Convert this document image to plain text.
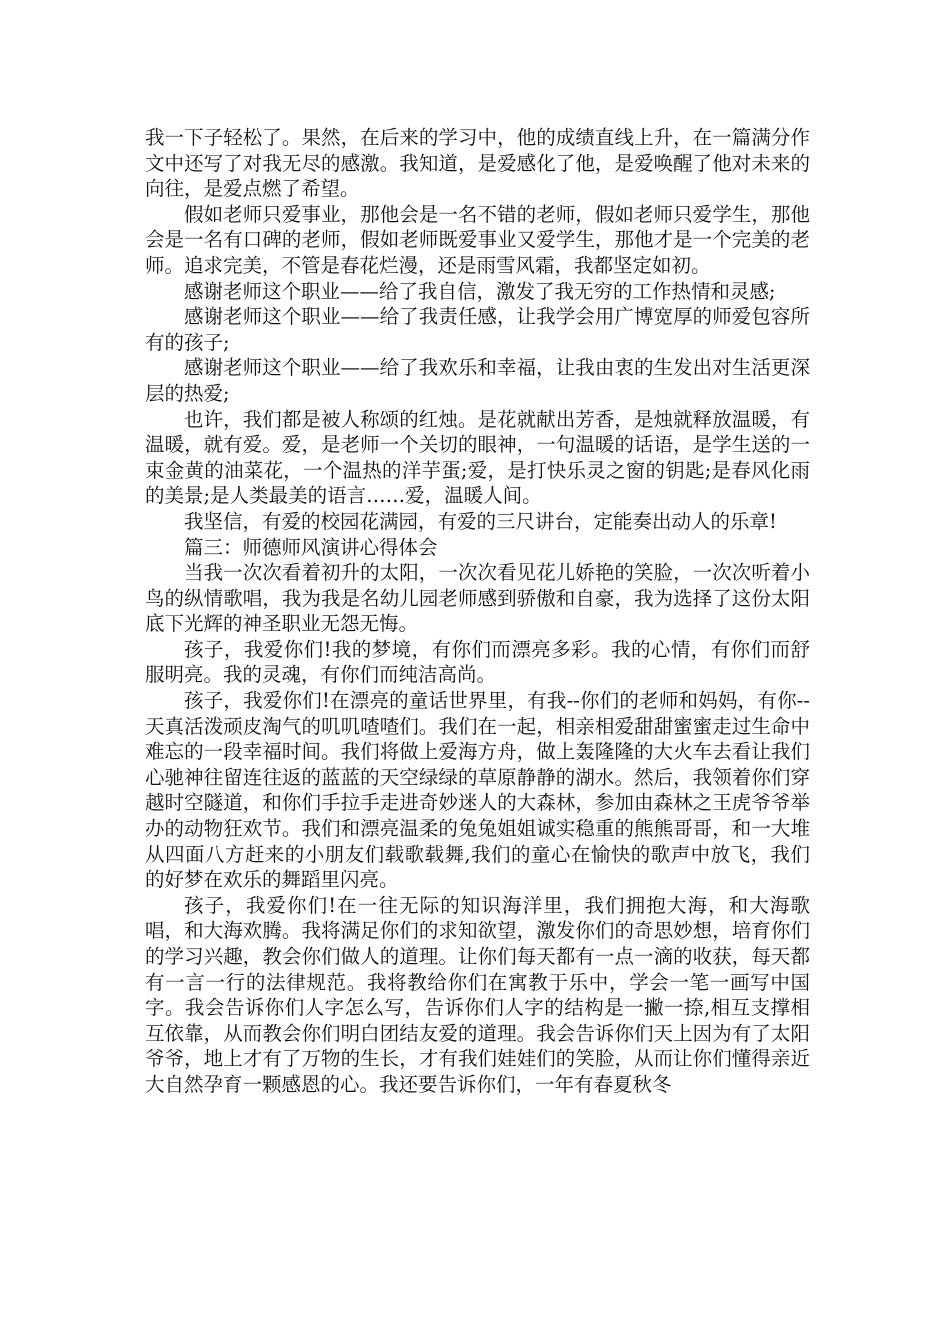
我一下子轻松了。果然，在后来的学习中，他的成绩直线上升，在一篇满分作文中还写了对我无尽的感激。我知道，是爱感化了他，是爱唤醒了他对未来的向往，是爱点燃了希望。

假如老师只爱事业，那他会是一名不错的老师，假如老师只爱学生，那他会是一名有口碑的老师，假如老师既爱事业又爱学生，那他才是一个完美的老师。追求完美，不管是春花烂漫，还是雨雪风霜，我都坚定如初。

感谢老师这个职业——给了我自信，激发了我无穷的工作热情和灵感;

感谢老师这个职业——给了我责任感，让我学会用广博宽厚的师爱包容所有的孩子;

感谢老师这个职业——给了我欢乐和幸福，让我由衷的生发出对生活更深层的热爱;

也许，我们都是被人称颂的红烛。是花就献出芳香，是烛就释放温暖，有温暖，就有爱。爱，是老师一个关切的眼神，一句温暖的话语，是学生送的一束金黄的油菜花，一个温热的洋芋蛋;爱，是打快乐灵之窗的钥匙;是春风化雨的美景;是人类最美的语言……爱，温暖人间。

我坚信，有爱的校园花满园，有爱的三尺讲台，定能奏出动人的乐章!

篇三：师德师风演讲心得体会

当我一次次看着初升的太阳，一次次看见花儿娇艳的笑脸，一次次听着小鸟的纵情歌唱，我为我是名幼儿园老师感到骄傲和自豪，我为选择了这份太阳底下光辉的神圣职业无怨无悔。

孩子，我爱你们!我的梦境，有你们而漂亮多彩。我的心情，有你们而舒服明亮。我的灵魂，有你们而纯洁高尚。

孩子，我爱你们!在漂亮的童话世界里，有我--你们的老师和妈妈，有你--天真活泼顽皮淘气的叽叽喳喳们。我们在一起，相亲相爱甜甜蜜蜜走过生命中难忘的一段幸福时间。我们将做上爱海方舟，做上轰隆隆的大火车去看让我们心驰神往留连往返的蓝蓝的天空绿绿的草原静静的湖水。然后，我领着你们穿越时空隧道，和你们手拉手走进奇妙迷人的大森林，参加由森林之王虎爷爷举办的动物狂欢节。我们和漂亮温柔的兔兔姐姐诚实稳重的熊熊哥哥，和一大堆从四面八方赶来的小朋友们载歌载舞,我们的童心在愉快的歌声中放飞，我们的好梦在欢乐的舞蹈里闪亮。

孩子，我爱你们!在一往无际的知识海洋里，我们拥抱大海，和大海歌唱，和大海欢腾。我将满足你们的求知欲望，激发你们的奇思妙想，培育你们的学习兴趣，教会你们做人的道理。让你们每天都有一点一滴的收获，每天都有一言一行的法律规范。我将教给你们在寓教于乐中，学会一笔一画写中国字。我会告诉你们人字怎么写，告诉你们人字的结构是一撇一捺,相互支撑相互依靠，从而教会你们明白团结友爱的道理。我会告诉你们天上因为有了太阳爷爷，地上才有了万物的生长，才有我们娃娃们的笑脸，从而让你们懂得亲近大自然孕育一颗感恩的心。我还要告诉你们，一年有春夏秋冬
